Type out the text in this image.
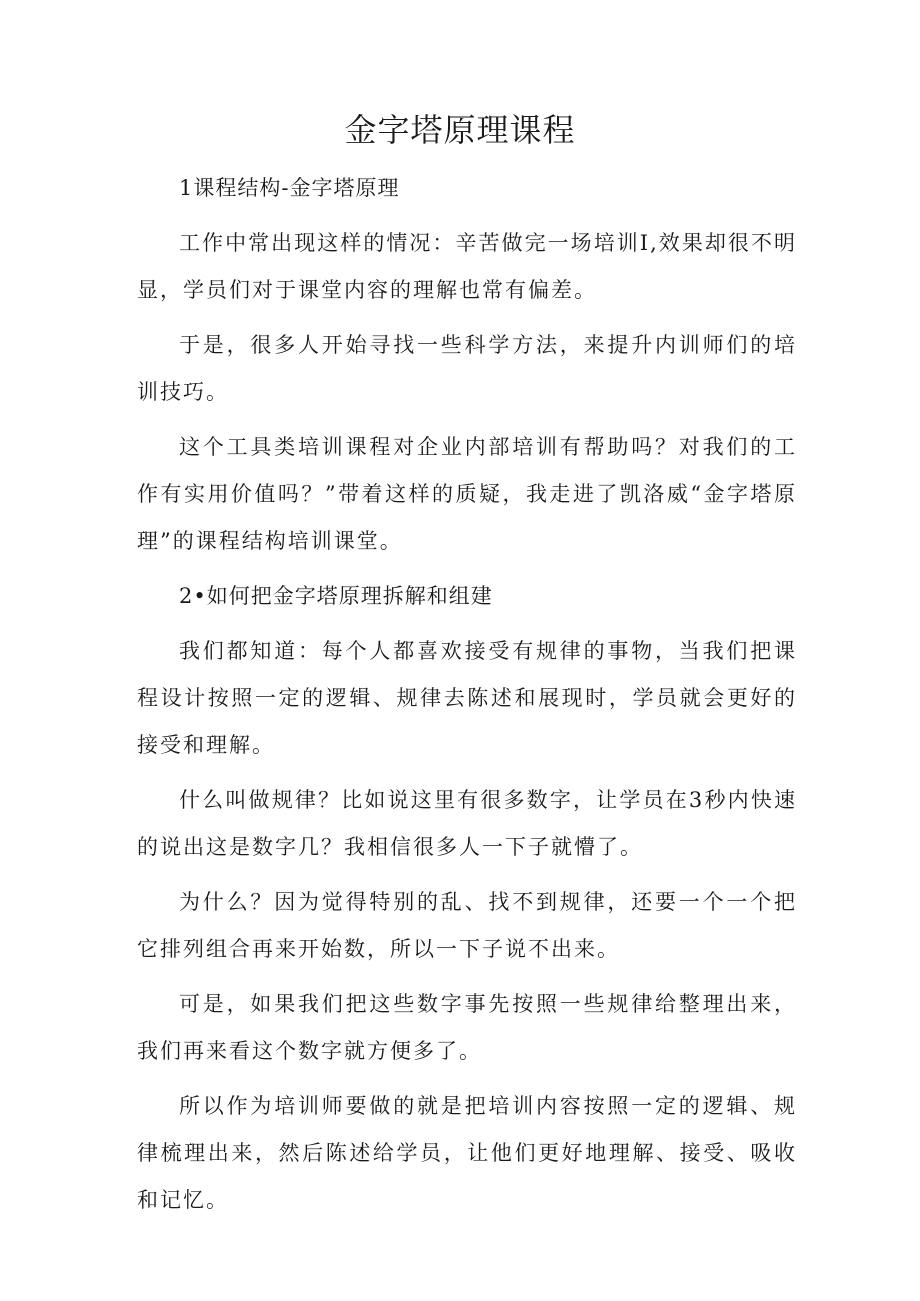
金字塔原理课程

1课程结构-金字塔原理

工作中常出现这样的情况：辛苦做完一场培训I,效果却很不明显，学员们对于课堂内容的理解也常有偏差。

于是，很多人开始寻找一些科学方法，来提升内训师们的培训技巧。

这个工具类培训课程对企业内部培训有帮助吗？对我们的工作有实用价值吗？”带着这样的质疑，我走进了凯洛威“金字塔原理”的课程结构培训课堂。

2•如何把金字塔原理拆解和组建

我们都知道：每个人都喜欢接受有规律的事物，当我们把课程设计按照一定的逻辑、规律去陈述和展现时，学员就会更好的接受和理解。

什么叫做规律？比如说这里有很多数字，让学员在3秒内快速的说出这是数字几？我相信很多人一下子就懵了。

为什么？因为觉得特别的乱、找不到规律，还要一个一个把它排列组合再来开始数，所以一下子说不出来。

可是，如果我们把这些数字事先按照一些规律给整理出来，我们再来看这个数字就方便多了。

所以作为培训师要做的就是把培训内容按照一定的逻辑、规律梳理出来，然后陈述给学员，让他们更好地理解、接受、吸收和记忆。
